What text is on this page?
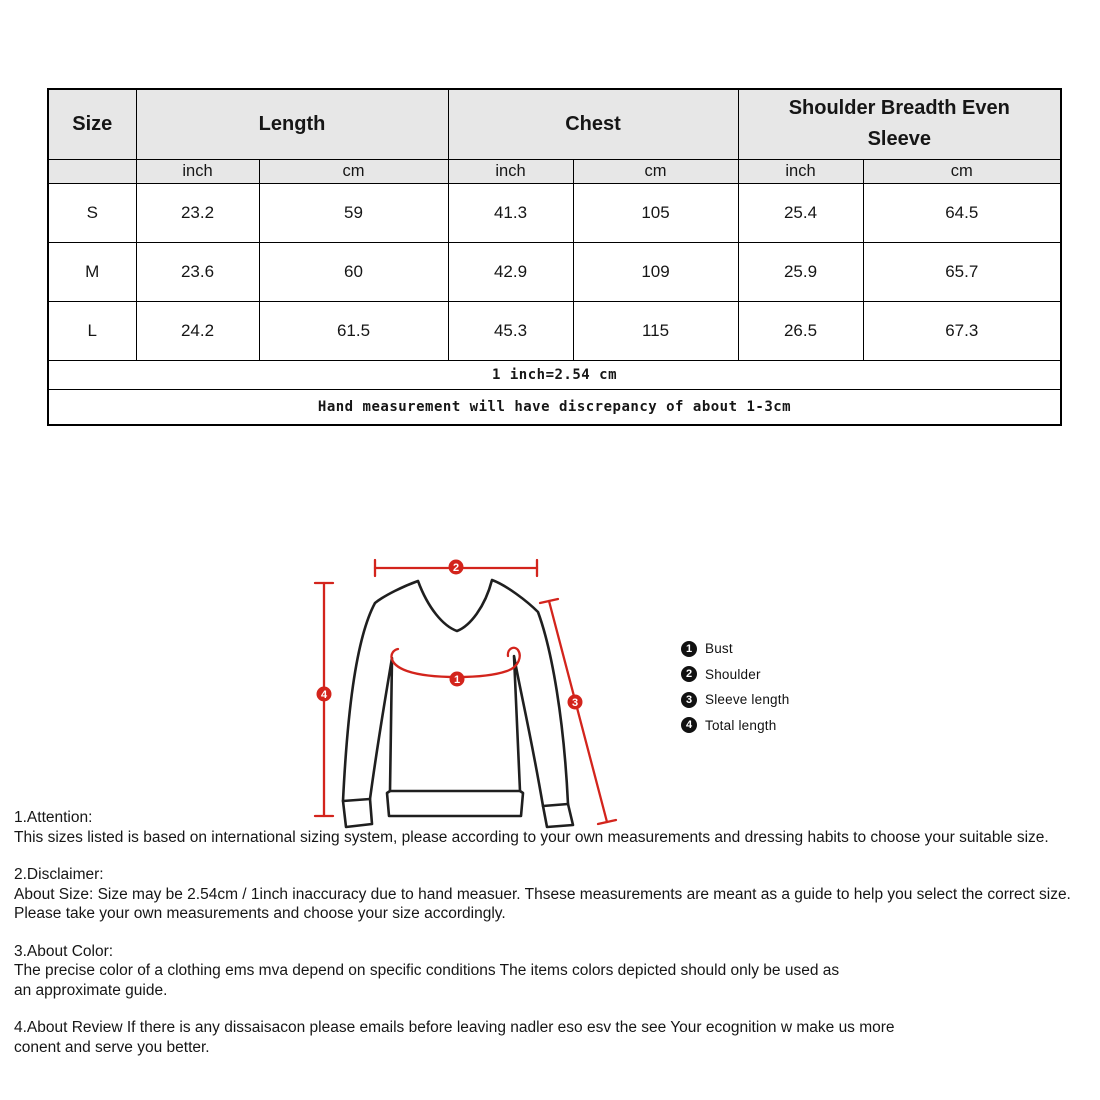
Size	Length		Chest		Shoulder Breadth Even Sleeve	
	inch	cm	inch	cm	inch	cm
S	23.2	59	41.3	105	25.4	64.5
M	23.6	60	42.9	109	25.9	65.7
L	24.2	61.5	45.3	115	26.5	67.3
1 inch=2.54 cm						
Hand measurement will have discrepancy of about 1-3cm						
1
2
3
4
1 Bust
2 Shoulder
3 Sleeve length
4 Total length
1.Attention:
This sizes listed is based on international sizing system, please according to your own measurements and dressing habits to choose your suitable size.
2.Disclaimer:
About Size: Size may be 2.54cm / 1inch inaccuracy due to hand measuer. Thsese measurements are meant as a guide to help you select the correct size.
Please take your own measurements and choose your size accordingly.
3.About Color:
The precise color of a clothing ems mva depend on specific conditions The items colors depicted should only be used as
an approximate guide.
4.About Review If there is any dissaisacon please emails before leaving nadler eso esv the see Your ecognition w make us more
conent and serve you better.
